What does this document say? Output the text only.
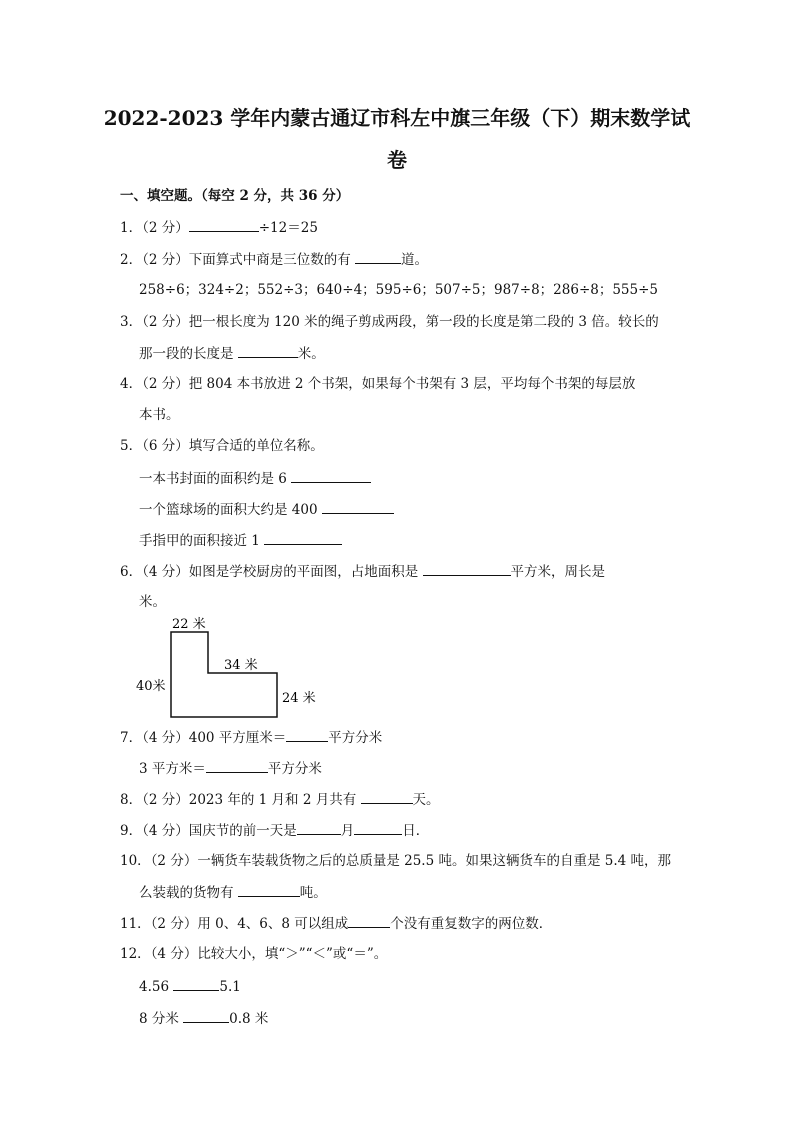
2022-2023 学年内蒙古通辽市科左中旗三年级（下）期末数学试
卷
一、填空题。（每空 2 分，共 36 分）
1．（2 分）	÷12＝25
2．（2 分）下面算式中商是三位数的有	道。
258÷6；324÷2；552÷3；640÷4；595÷6；507÷5；987÷8；286÷8；555÷5
3．（2 分）把一根长度为 120 米的绳子剪成两段，第一段的长度是第二段的 3 倍。较长的
那一段的长度是	米。
4．（2 分）把 804 本书放进 2 个书架，如果每个书架有 3 层，平均每个书架的每层放
本书。
5．（6 分）填写合适的单位名称。
一本书封面的面积约是 6
一个篮球场的面积大约是 400
手指甲的面积接近 1
6．（4 分）如图是学校厨房的平面图，占地面积是	平方米，周长是
米。
22 米
34 米
40米
24 米
7．（4 分）400 平方厘米＝	平方分米
3 平方米＝	平方分米
8．（2 分）2023 年的 1 月和 2 月共有	天。
9．（4 分）国庆节的前一天是	月	日．
10．（2 分）一辆货车装载货物之后的总质量是 25.5 吨。如果这辆货车的自重是 5.4 吨，那
么装载的货物有	吨。
11．（2 分）用 0、4、6、8 可以组成	个没有重复数字的两位数．
12．（4 分）比较大小，填“＞”“＜”或“＝”。
4.56	5.1
8 分米	0.8 米
